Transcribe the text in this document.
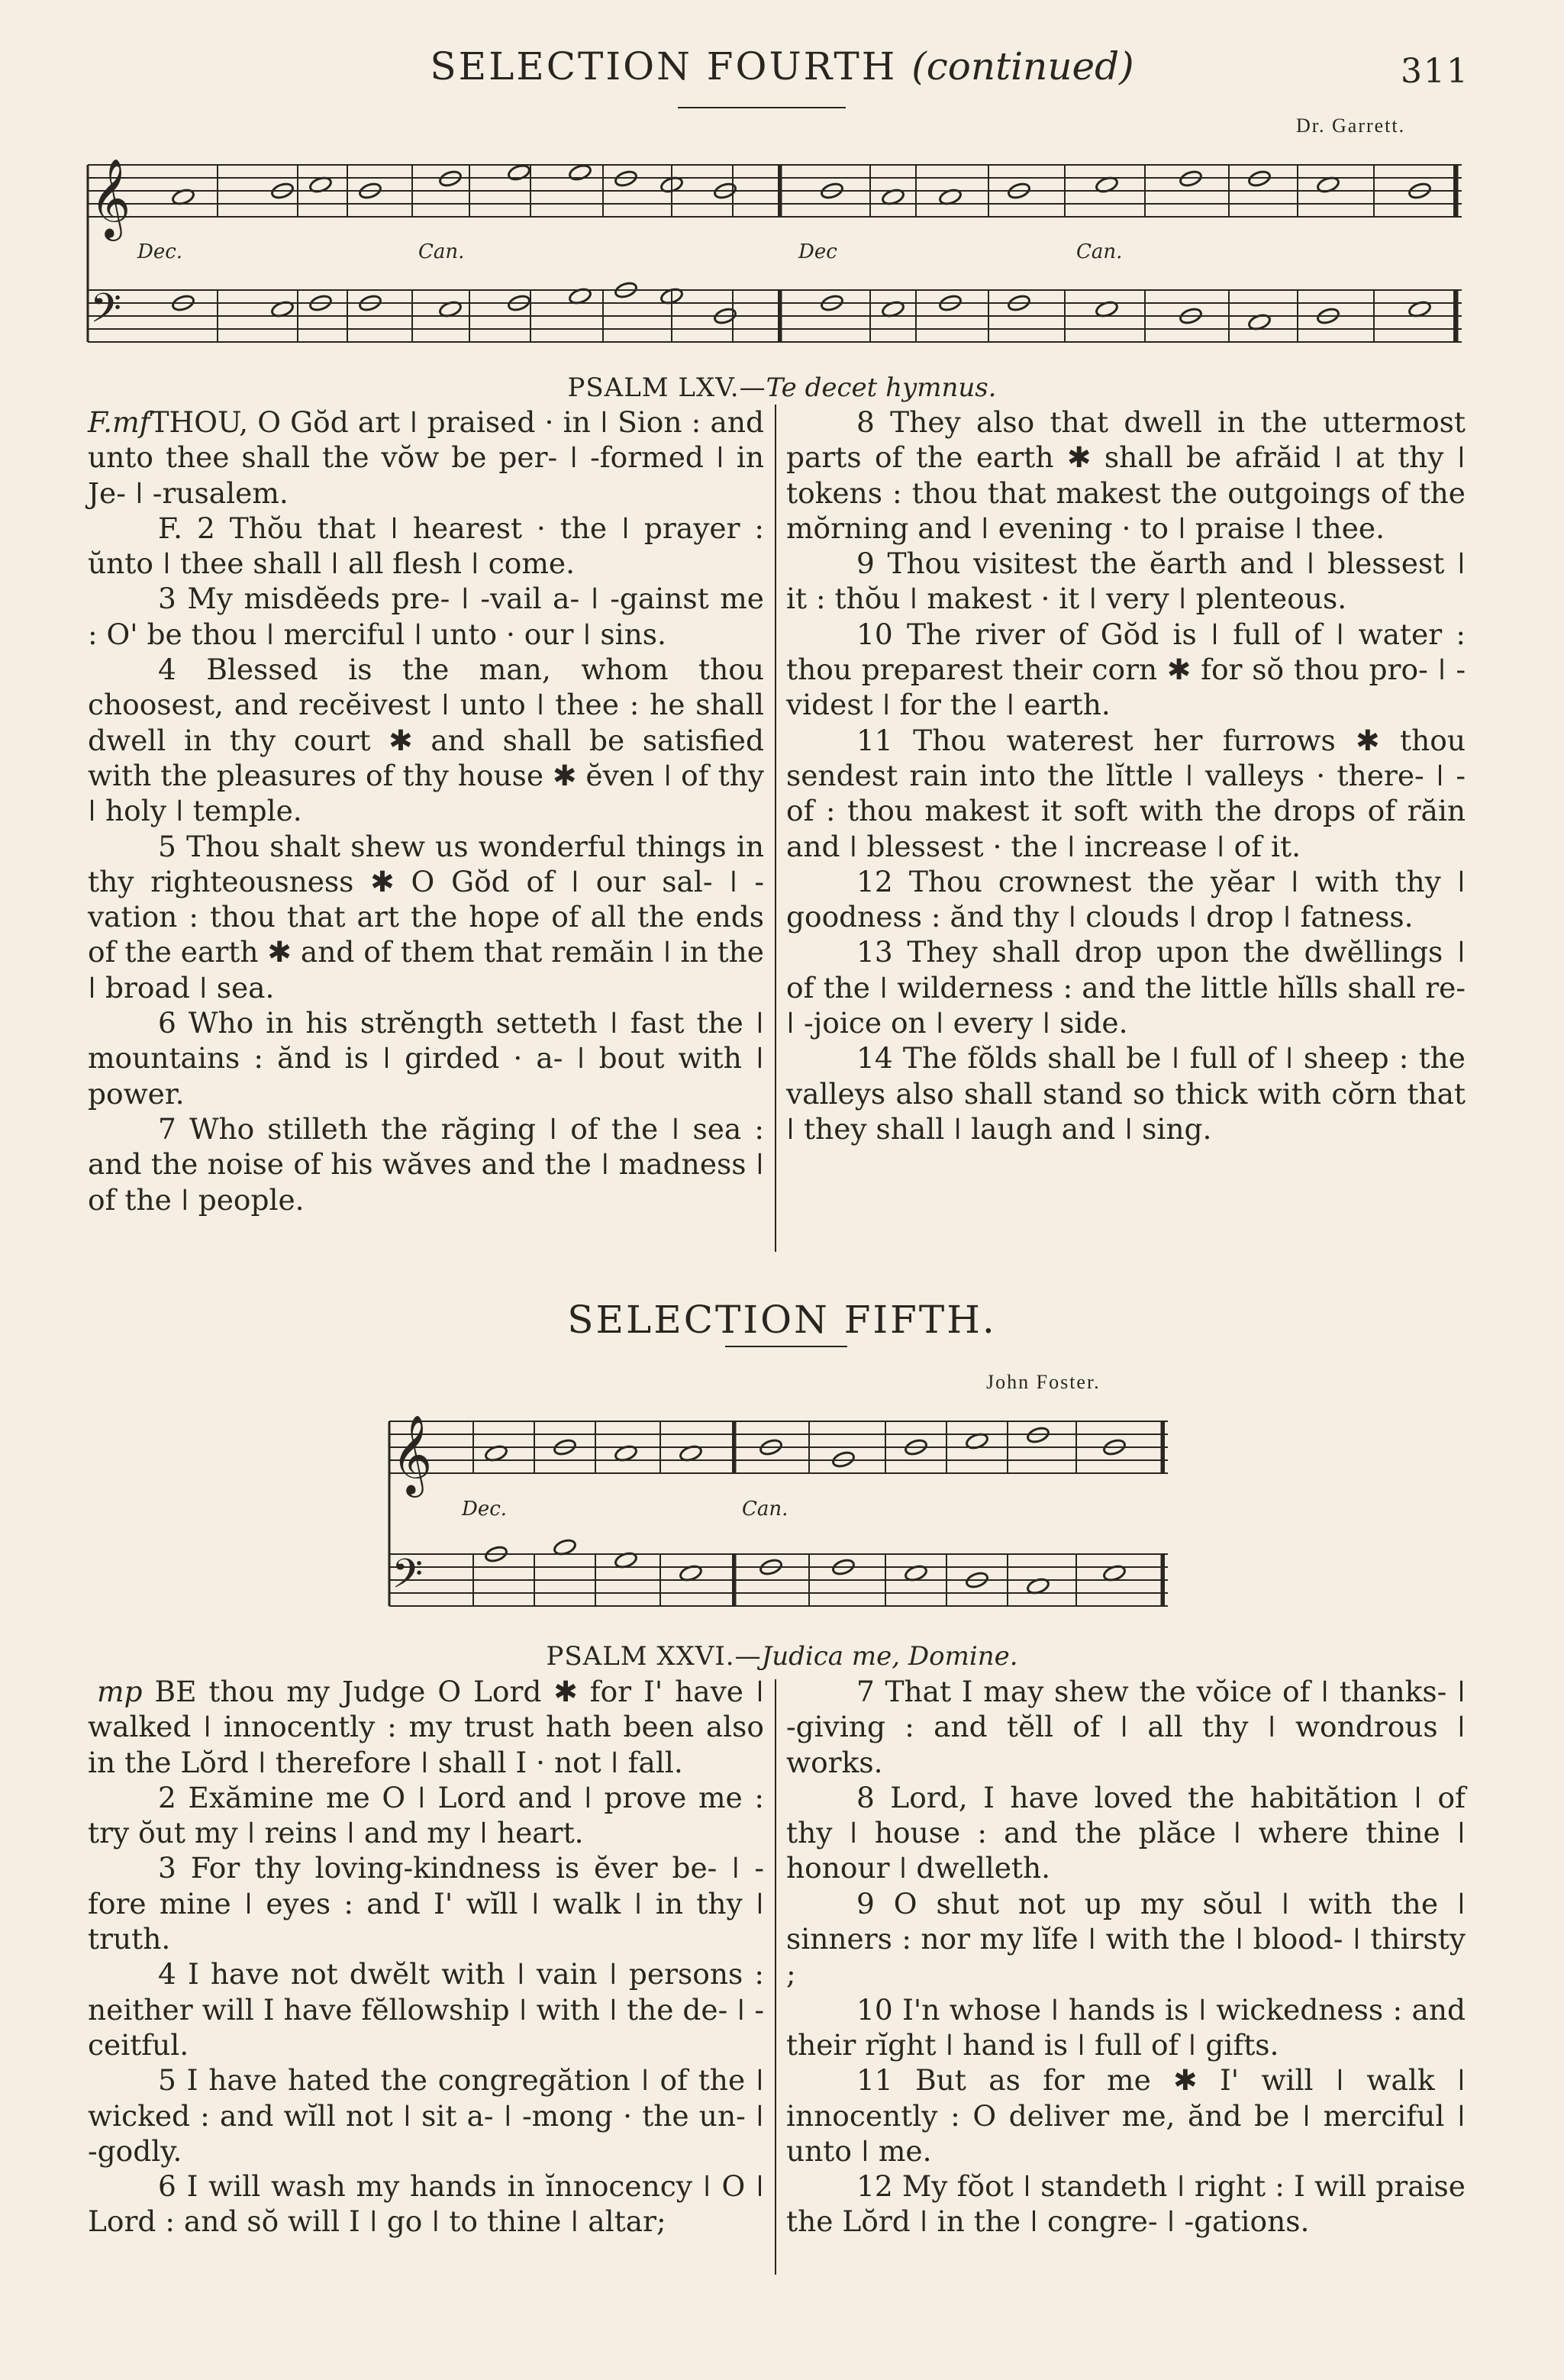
SELECTION FOURTH (continued)	311
Dr. Garrett.
𝄞
𝄢
𝄞
𝄢
Dec.	Can.	Dec	Can.
Dec.	Can.
PSALM LXV.—Te decet hymnus.

F.mfTHOU, O Gŏd art ǀ praised · in ǀ Sion : and unto thee shall the vŏw be per- ǀ -formed ǀ in Je- ǀ -rusalem.

F. 2 Thŏu that ǀ hearest · the ǀ prayer : ŭnto ǀ thee shall ǀ all flesh ǀ come.

3 My misdĕeds pre- ǀ -vail a- ǀ -gainst me : O' be thou ǀ merciful ǀ unto · our ǀ sins.

4 Blessed is the man, whom thou choosest, and recĕivest ǀ unto ǀ thee : he shall dwell in thy court ✱ and shall be satisfied with the pleasures of thy house ✱ ĕven ǀ of thy ǀ holy ǀ temple.

5 Thou shalt shew us wonderful things in thy righteousness ✱ O Gŏd of ǀ our sal- ǀ -vation : thou that art the hope of all the ends of the earth ✱ and of them that remăin ǀ in the ǀ broad ǀ sea.

6 Who in his strĕngth setteth ǀ fast the ǀ mountains : ănd is ǀ girded · a- ǀ bout with ǀ power.

7 Who stilleth the răging ǀ of the ǀ sea : and the noise of his wăves and the ǀ madness ǀ of the ǀ people.

8 They also that dwell in the uttermost parts of the earth ✱ shall be afrăid ǀ at thy ǀ tokens : thou that makest the outgoings of the mŏrning and ǀ evening · to ǀ praise ǀ thee.

9 Thou visitest the ĕarth and ǀ blessest ǀ it : thŏu ǀ makest · it ǀ very ǀ plenteous.

10 The river of Gŏd is ǀ full of ǀ water : thou preparest their corn ✱ for sŏ thou pro- ǀ -videst ǀ for the ǀ earth.

11 Thou waterest her furrows ✱ thou sendest rain into the lĭttle ǀ valleys · there- ǀ -of : thou makest it soft with the drops of răin and ǀ blessest · the ǀ increase ǀ of it.

12 Thou crownest the yĕar ǀ with thy ǀ goodness : ănd thy ǀ clouds ǀ drop ǀ fatness.

13 They shall drop upon the dwĕllings ǀ of the ǀ wilderness : and the little hĭlls shall re- ǀ -joice on ǀ every ǀ side.

14 The fŏlds shall be ǀ full of ǀ sheep : the valleys also shall stand so thick with cŏrn that ǀ they shall ǀ laugh and ǀ sing.

SELECTION FIFTH.
John Foster.
PSALM XXVI.—Judica me, Domine.

mp BE thou my Judge O Lord ✱ for I' have ǀ walked ǀ innocently : my trust hath been also in the Lŏrd ǀ therefore ǀ shall I · not ǀ fall.

2 Exămine me O ǀ Lord and ǀ prove me : try ŏut my ǀ reins ǀ and my ǀ heart.

3 For thy loving-kindness is ĕver be- ǀ -fore mine ǀ eyes : and I' wĭll ǀ walk ǀ in thy ǀ truth.

4 I have not dwĕlt with ǀ vain ǀ persons : neither will I have fĕllowship ǀ with ǀ the de- ǀ -ceitful.

5 I have hated the congregătion ǀ of the ǀ wicked : and wĭll not ǀ sit a- ǀ -mong · the un- ǀ -godly.

6 I will wash my hands in ĭnnocency ǀ O ǀ Lord : and sŏ will I ǀ go ǀ to thine ǀ altar;

7 That I may shew the vŏice of ǀ thanks- ǀ -giving : and tĕll of ǀ all thy ǀ wondrous ǀ works.

8 Lord, I have loved the habitătion ǀ of thy ǀ house : and the plăce ǀ where thine ǀ honour ǀ dwelleth.

9 O shut not up my sŏul ǀ with the ǀ sinners : nor my lĭfe ǀ with the ǀ blood- ǀ thirsty ;

10 I'n whose ǀ hands is ǀ wickedness : and their rĭght ǀ hand is ǀ full of ǀ gifts.

11 But as for me ✱ I' will ǀ walk ǀ innocently : O deliver me, ănd be ǀ merciful ǀ unto ǀ me.

12 My fŏot ǀ standeth ǀ right : I will praise the Lŏrd ǀ in the ǀ congre- ǀ -gations.
